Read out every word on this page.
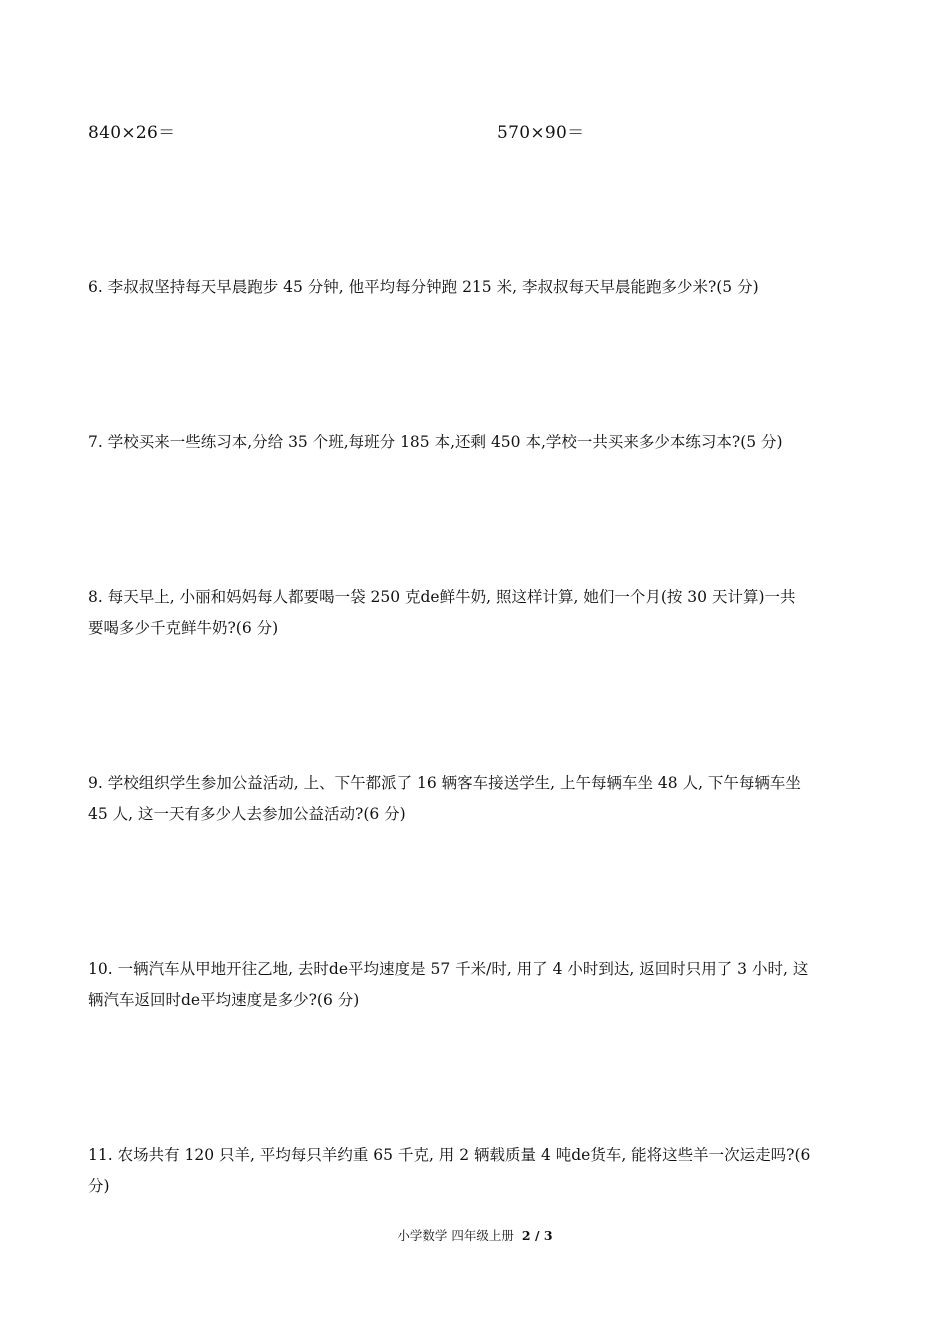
840×26＝	570×90＝
6. 李叔叔坚持每天早晨跑步 45 分钟, 他平均每分钟跑 215 米, 李叔叔每天早晨能跑多少米?(5 分)
7. 学校买来一些练习本,分给 35 个班,每班分 185 本,还剩 450 本,学校一共买来多少本练习本?(5 分)
8. 每天早上, 小丽和妈妈每人都要喝一袋 250 克de鲜牛奶, 照这样计算, 她们一个月(按 30 天计算)一共
要喝多少千克鲜牛奶?(6 分)
9. 学校组织学生参加公益活动, 上、下午都派了 16 辆客车接送学生, 上午每辆车坐 48 人, 下午每辆车坐
45 人, 这一天有多少人去参加公益活动?(6 分)
10. 一辆汽车从甲地开往乙地, 去时de平均速度是 57 千米/时, 用了 4 小时到达, 返回时只用了 3 小时, 这
辆汽车返回时de平均速度是多少?(6 分)
11. 农场共有 120 只羊, 平均每只羊约重 65 千克, 用 2 辆载质量 4 吨de货车, 能将这些羊一次运走吗?(6
分)
小学数学 四年级上册 2 / 3
